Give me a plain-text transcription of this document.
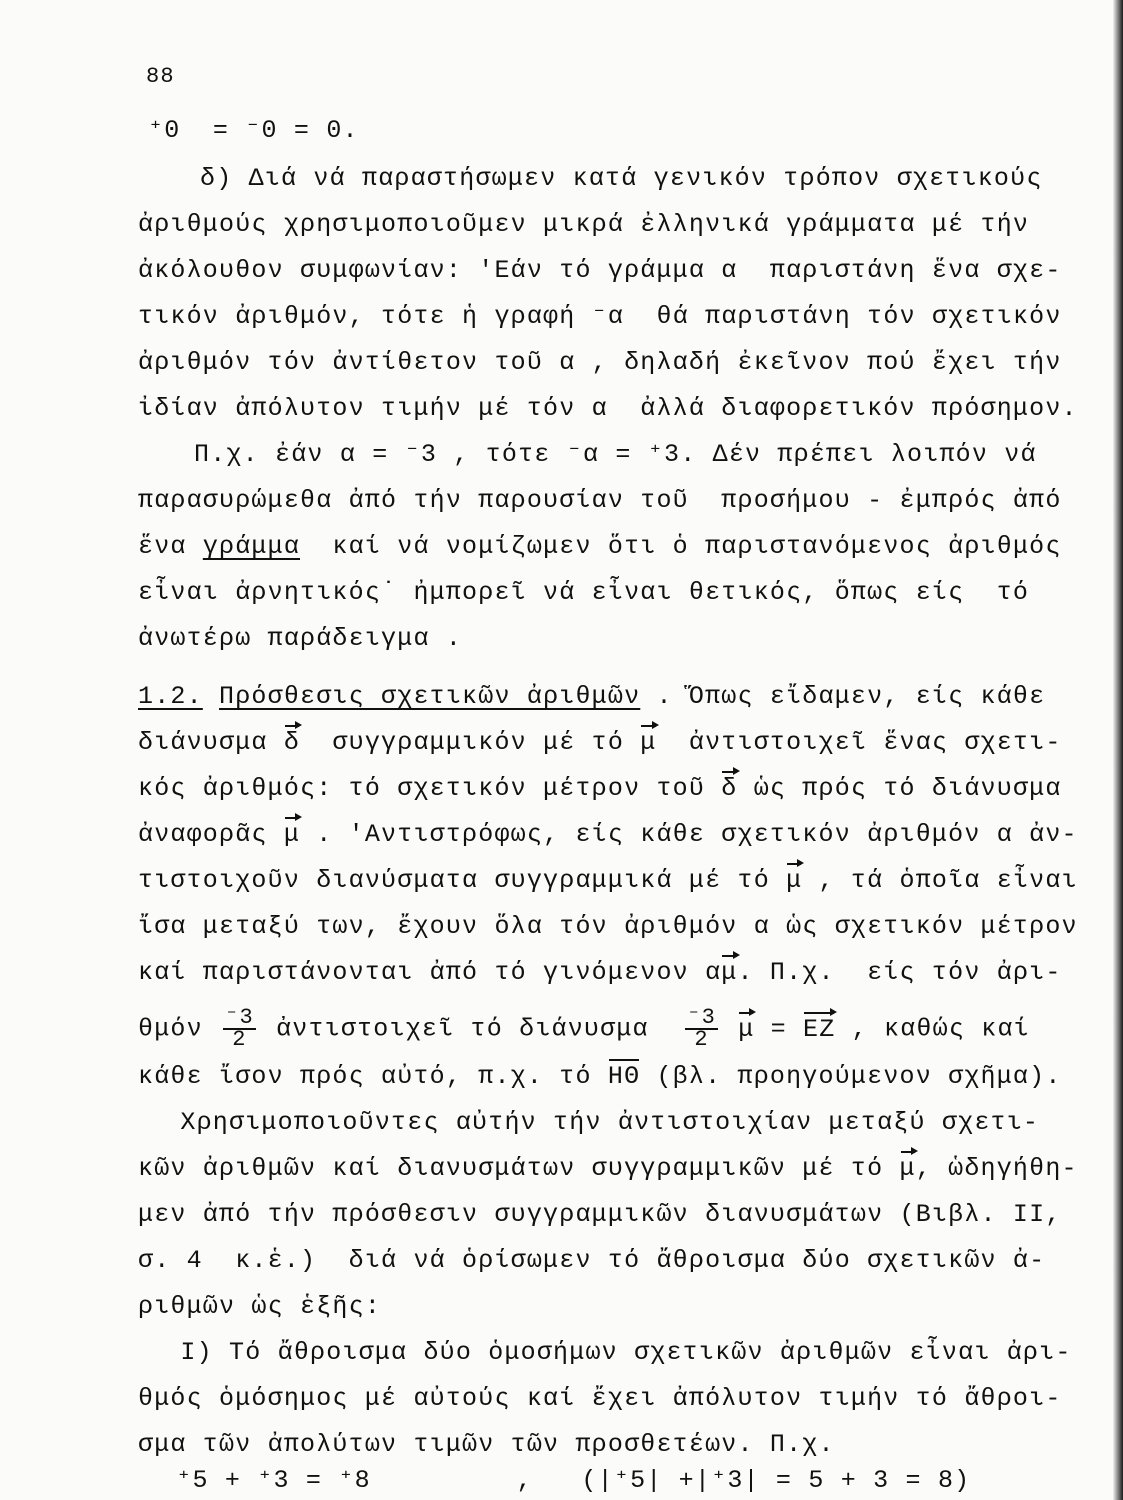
88
⁺0  = ⁻0 = 0.
δ) Διά νά παραστήσωμεν κατά γενικόν τρόπον σχετικούς
ἀριθμούς χρησιμοποιοῦμεν μικρά ἐλληνικά γράμματα μέ τήν
ἀκόλουθον συμφωνίαν: 'Εάν τό γράμμα α  παριστάνη ἕνα σχε-
τικόν ἀριθμόν, τότε ἡ γραφή ⁻α  θά παριστάνη τόν σχετικόν
ἀριθμόν τόν ἀντίθετον τοῦ α , δηλαδή ἐκεῖνον πού ἔχει τήν
ἰδίαν ἀπόλυτον τιμήν μέ τόν α  ἀλλά διαφορετικόν πρόσημον.
Π.χ. ἐάν α = ⁻3 , τότε ⁻α = ⁺3. Δέν πρέπει λοιπόν νά
παρασυρώμεθα ἀπό τήν παρουσίαν τοῦ  προσήμου - ἐμπρός ἀπό
ἕνα γράμμα  καί νά νομίζωμεν ὅτι ὁ παριστανόμενος ἀριθμός
εἶναι ἀρνητικός˙ ἠμπορεῖ νά εἶναι θετικός, ὅπως είς  τό
ἀνωτέρω παράδειγμα .
1.2. Πρόσθεσις σχετικῶν ἀριθμῶν . Ὅπως εἴδαμεν, είς κάθε
διάνυσμα δ  συγγραμμικόν μέ τό μ  ἀντιστοιχεῖ ἕνας σχετι-
κός ἀριθμός: τό σχετικόν μέτρον τοῦ δ ὡς πρός τό διάνυσμα
ἀναφορᾶς μ . 'Αντιστρόφως, είς κάθε σχετικόν ἀριθμόν α ἀν-
τιστοιχοῦν διανύσματα συγγραμμικά μέ τό μ , τά ὁποῖα εἶναι
ἴσα μεταξύ των, ἔχουν ὅλα τόν ἀριθμόν α ὡς σχετικόν μέτρον
καί παριστάνονται ἀπό τό γινόμενον αμ. Π.χ.  είς τόν ἀρι-
θμόν $\frac{^-3}{2}$ ἀντιστοιχεῖ τό διάνυσμα $\frac{^-3}{2}$ μ = ΕΖ , καθώς καί
κάθε ἴσον πρός αὐτό, π.χ. τό ΗΘ (βλ. προηγούμενον σχῆμα).
Χρησιμοποιοῦντες αὐτήν τήν ἀντιστοιχίαν μεταξύ σχετι-
κῶν ἀριθμῶν καί διανυσμάτων συγγραμμικῶν μέ τό μ, ὡδηγήθη-
μεν ἀπό τήν πρόσθεσιν συγγραμμικῶν διανυσμάτων (Βιβλ. ΙΙ,
σ. 4  κ.ἑ.)  διά νά ὁρίσωμεν τό ἄθροισμα δύο σχετικῶν ἀ-
ριθμῶν ὡς ἑξῆς:
Ι) Τό ἄθροισμα δύο ὁμοσήμων σχετικῶν ἀριθμῶν εἶναι ἀρι-
θμός ὁμόσημος μέ αὐτούς καί ἔχει ἀπόλυτον τιμήν τό ἄθροι-
σμα τῶν ἀπολύτων τιμῶν τῶν προσθετέων. Π.χ.
⁺5 + ⁺3 = ⁺8         ,   (|⁺5| +|⁺3| = 5 + 3 = 8)
